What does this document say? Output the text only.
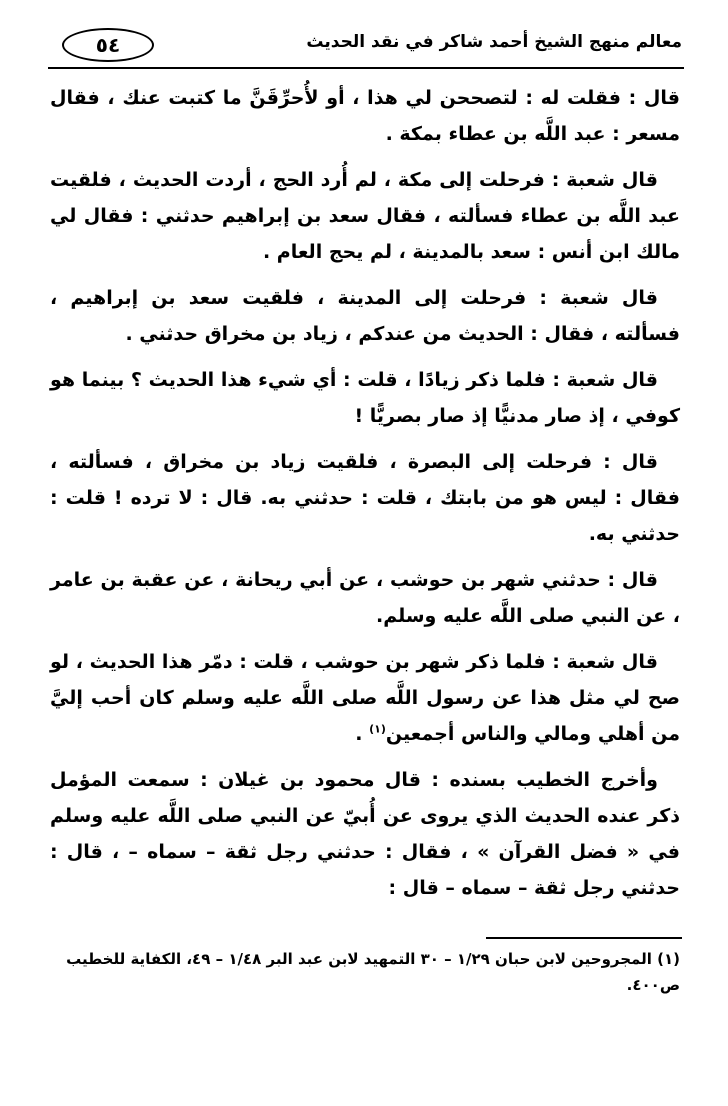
٥٤	معالم منهج الشيخ أحمد شاكر في نقد الحديث

قال : فقلت له : لتصححن لي هذا ، أو لأُحرِّقَنَّ ما كتبت عنك ، فقال مسعر : عبد اللَّه بن عطاء بمكة .

قال شعبة : فرحلت إلى مكة ، لم أُرد الحج ، أردت الحديث ، فلقيت عبد اللَّه بن عطاء فسألته ، فقال سعد بن إبراهيم حدثني : فقال لي مالك ابن أنس : سعد بالمدينة ، لم يحج العام .

قال شعبة : فرحلت إلى المدينة ، فلقيت سعد بن إبراهيم ، فسألته ، فقال : الحديث من عندكم ، زياد بن مخراق حدثني .

قال شعبة : فلما ذكر زيادًا ، قلت : أي شيء هذا الحديث ؟ بينما هو كوفي ، إذ صار مدنيًّا إذ صار بصريًّا !

قال : فرحلت إلى البصرة ، فلقيت زياد بن مخراق ، فسألته ، فقال : ليس هو من بابتك ، قلت : حدثني به. قال : لا ترده ! قلت : حدثني به.

قال : حدثني شهر بن حوشب ، عن أبي ريحانة ، عن عقبة بن عامر ، عن النبي صلى اللَّه عليه وسلم.

قال شعبة : فلما ذكر شهر بن حوشب ، قلت : دمّر هذا الحديث ، لو صح لي مثل هذا عن رسول اللَّه صلى اللَّه عليه وسلم كان أحب إليَّ من أهلي ومالي والناس أجمعين$^{(١)}$ .

وأخرج الخطيب بسنده : قال محمود بن غيلان : سمعت المؤمل ذكر عنده الحديث الذي يروى عن أُبيّ عن النبي صلى اللَّه عليه وسلم في « فضل القرآن » ، فقال : حدثني رجل ثقة – سماه – ، قال : حدثني رجل ثقة – سماه – قال :

(١) المجروحين لابن حبان ١/٢٩ – ٣٠ التمهيد لابن عبد البر ١/٤٨ – ٤٩، الكفاية للخطيب ص٤٠٠.
